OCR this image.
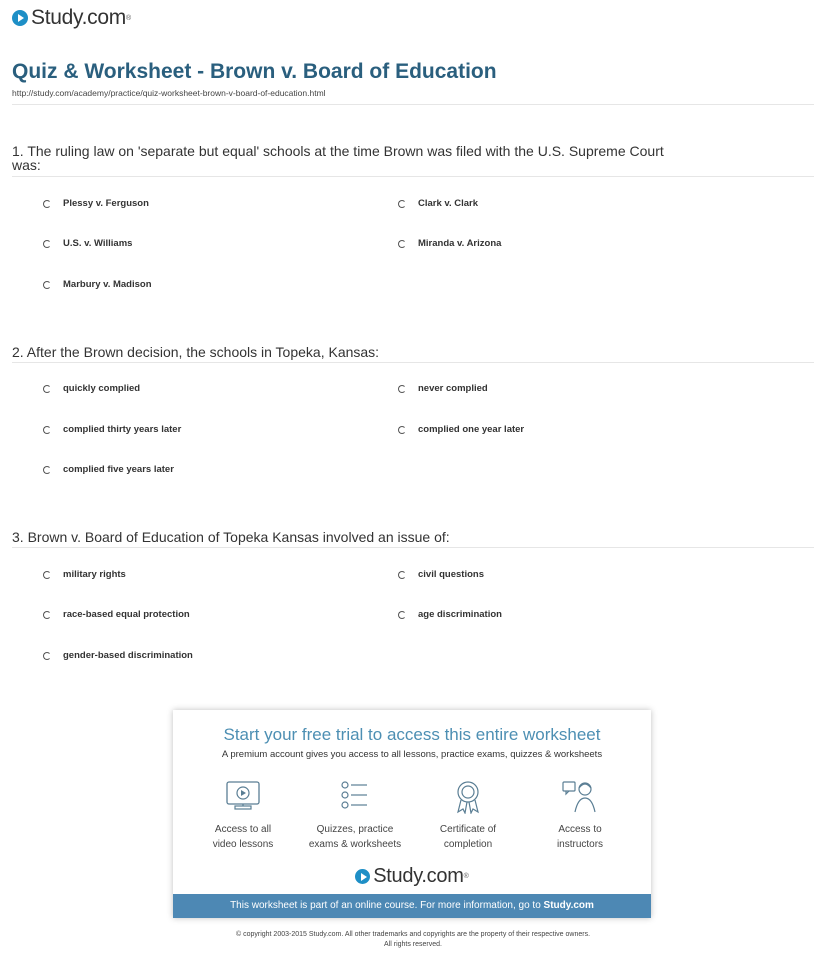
Study.com ®
Quiz & Worksheet - Brown v. Board of Education
http://study.com/academy/practice/quiz-worksheet-brown-v-board-of-education.html

1. The ruling law on 'separate but equal' schools at the time Brown was filed with the U.S. Supreme Court was:

Plessy v. Ferguson	Clark v. Clark
U.S. v. Williams	Miranda v. Arizona
Marbury v. Madison

2. After the Brown decision, the schools in Topeka, Kansas:

quickly complied	never complied
complied thirty years later	complied one year later
complied five years later

3. Brown v. Board of Education of Topeka Kansas involved an issue of:

military rights	civil questions
race-based equal protection	age discrimination
gender-based discrimination
Start your free trial to access this entire worksheet
A premium account gives you access to all lessons, practice exams, quizzes & worksheets
Access to all
video lessons
Quizzes, practice
exams & worksheets
Certificate of
completion
Access to
instructors
Study.com ®
This worksheet is part of an online course. For more information, go to Study.com
© copyright 2003-2015 Study.com. All other trademarks and copyrights are the property of their respective owners.
All rights reserved.
